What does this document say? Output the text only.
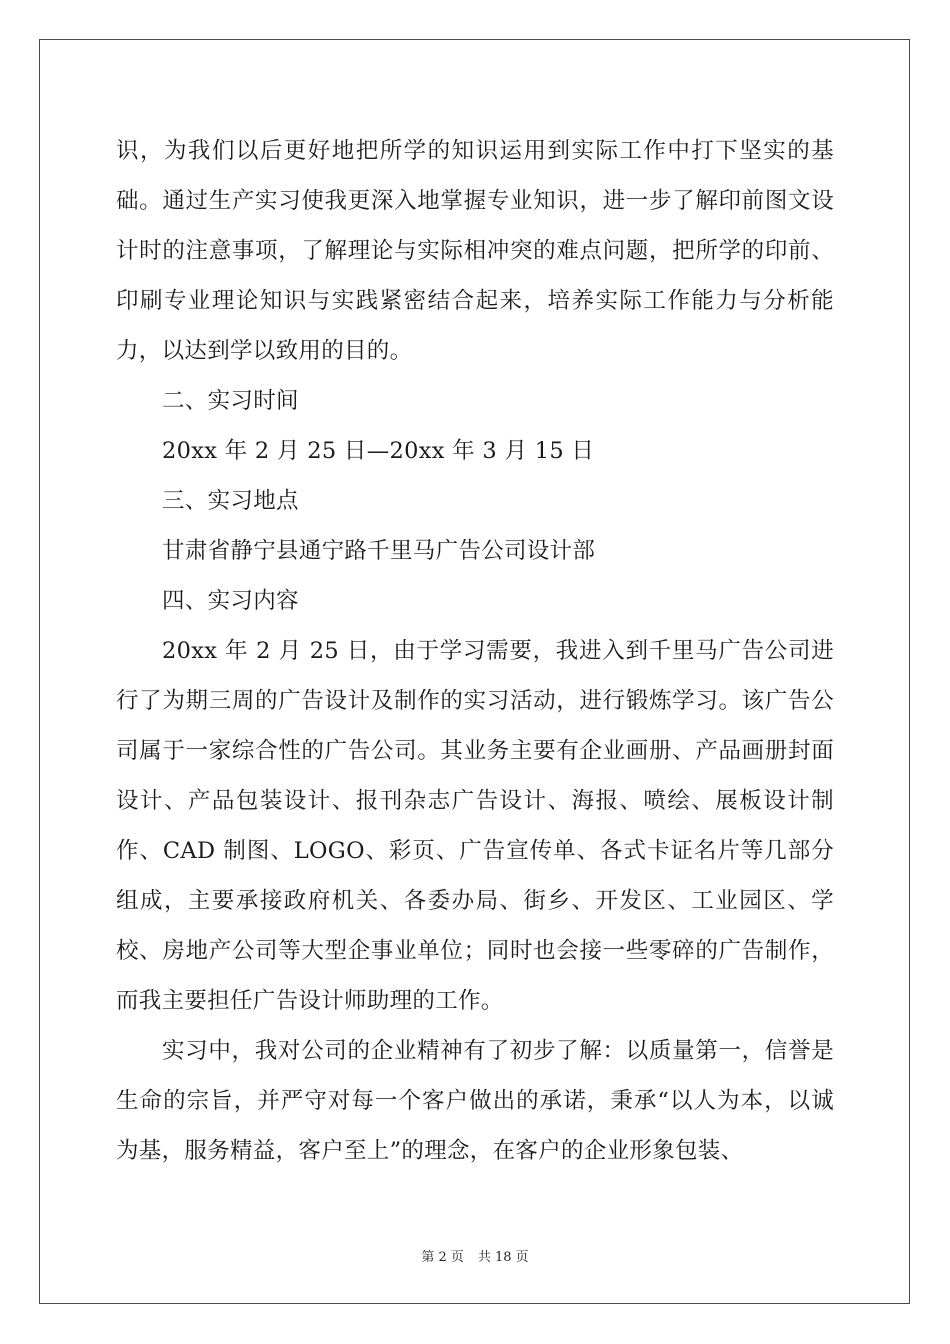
识，为我们以后更好地把所学的知识运用到实际工作中打下坚实的基础。通过生产实习使我更深入地掌握专业知识，进一步了解印前图文设计时的注意事项，了解理论与实际相冲突的难点问题，把所学的印前、印刷专业理论知识与实践紧密结合起来，培养实际工作能力与分析能力，以达到学以致用的目的。

二、实习时间

20xx 年 2 月 25 日—20xx 年 3 月 15 日

三、实习地点

甘肃省静宁县通宁路千里马广告公司设计部

四、实习内容

20xx 年 2 月 25 日，由于学习需要，我进入到千里马广告公司进行了为期三周的广告设计及制作的实习活动，进行锻炼学习。该广告公司属于一家综合性的广告公司。其业务主要有企业画册、产品画册封面设计、产品包装设计、报刊杂志广告设计、海报、喷绘、展板设计制作、CAD 制图、LOGO、彩页、广告宣传单、各式卡证名片等几部分组成，主要承接政府机关、各委办局、街乡、开发区、工业园区、学校、房地产公司等大型企事业单位；同时也会接一些零碎的广告制作，而我主要担任广告设计师助理的工作。

实习中，我对公司的企业精神有了初步了解：以质量第一，信誉是生命的宗旨，并严守对每一个客户做出的承诺，秉承“以人为本，以诚为基，服务精益，客户至上”的理念，在客户的企业形象包装、

第 2 页 共 18 页
